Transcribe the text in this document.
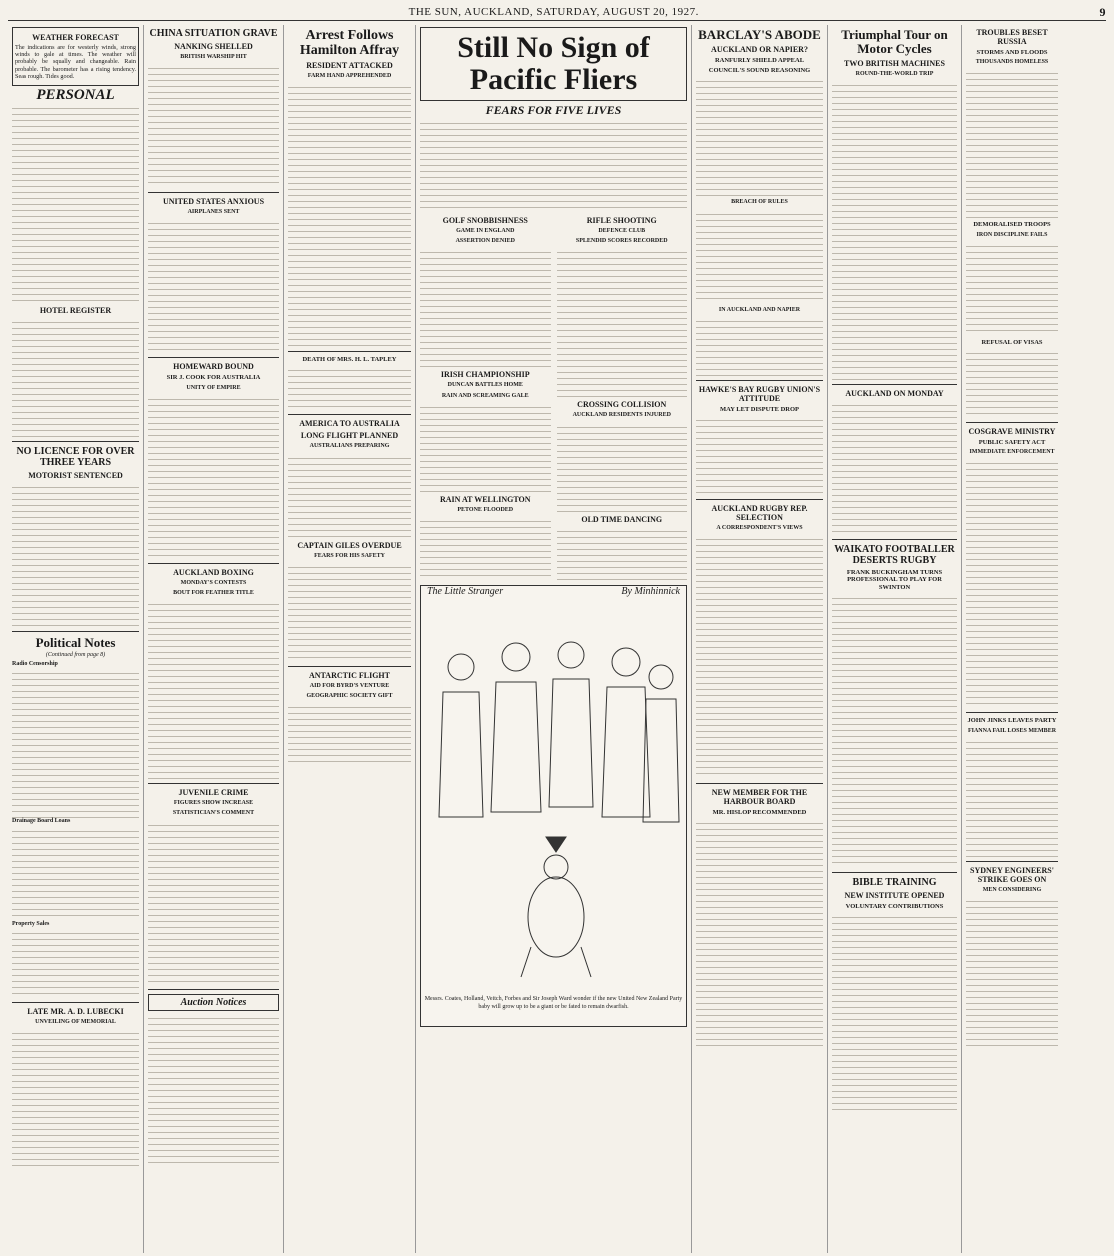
THE SUN, AUCKLAND, SATURDAY, AUGUST 20, 1927.	9
WEATHER FORECAST
The indications are for westerly winds, strong winds to gale at times. The weather will probably be squally and changeable. Rain probable. The barometer has a rising tendency. Seas rough. Tides good.
PERSONAL
HOTEL REGISTER
NO LICENCE FOR OVER THREE YEARS
MOTORIST SENTENCED
Political Notes
(Continued from page 8)
Radio Censorship
Drainage Board Loans
Property Sales
LATE MR. A. D. LUBECKI
UNVEILING OF MEMORIAL
CHINA SITUATION GRAVE
NANKING SHELLED
BRITISH WARSHIP HIT
UNITED STATES ANXIOUS
AIRPLANES SENT
HOMEWARD BOUND
SIR J. COOK FOR AUSTRALIA
UNITY OF EMPIRE
AUCKLAND BOXING
MONDAY'S CONTESTS
BOUT FOR FEATHER TITLE
JUVENILE CRIME
FIGURES SHOW INCREASE
STATISTICIAN'S COMMENT
Auction Notices
Arrest Follows Hamilton Affray
RESIDENT ATTACKED
FARM HAND APPREHENDED
DEATH OF MRS. H. L. TAPLEY
AMERICA TO AUSTRALIA
LONG FLIGHT PLANNED
AUSTRALIANS PREPARING
CAPTAIN GILES OVERDUE
FEARS FOR HIS SAFETY
ANTARCTIC FLIGHT
AID FOR BYRD'S VENTURE
GEOGRAPHIC SOCIETY GIFT
Still No Sign of Pacific Fliers
FEARS FOR FIVE LIVES
GOLF SNOBBISHNESS
GAME IN ENGLAND
ASSERTION DENIED
IRISH CHAMPIONSHIP
DUNCAN BATTLES HOME
RAIN AND SCREAMING GALE
RAIN AT WELLINGTON
PETONE FLOODED
RIFLE SHOOTING
DEFENCE CLUB
SPLENDID SCORES RECORDED
CROSSING COLLISION
AUCKLAND RESIDENTS INJURED
OLD TIME DANCING
The Little Stranger	By Minhinnick
Messrs. Coates, Holland, Veitch, Forbes and Sir Joseph Ward wonder if the new United New Zealand Party baby will grow up to be a giant or be fated to remain dwarfish.
BARCLAY'S ABODE
AUCKLAND OR NAPIER?
RANFURLY SHIELD APPEAL
COUNCIL'S SOUND REASONING
BREACH OF RULES
IN AUCKLAND AND NAPIER
HAWKE'S BAY RUGBY UNION'S ATTITUDE
MAY LET DISPUTE DROP
AUCKLAND RUGBY REP. SELECTION
A CORRESPONDENT'S VIEWS
NEW MEMBER FOR THE HARBOUR BOARD
MR. HISLOP RECOMMENDED
Triumphal Tour on Motor Cycles
TWO BRITISH MACHINES
ROUND-THE-WORLD TRIP
AUCKLAND ON MONDAY
WAIKATO FOOTBALLER DESERTS RUGBY
FRANK BUCKINGHAM TURNS PROFESSIONAL TO PLAY FOR SWINTON
BIBLE TRAINING
NEW INSTITUTE OPENED
VOLUNTARY CONTRIBUTIONS
TROUBLES BESET RUSSIA
STORMS AND FLOODS
THOUSANDS HOMELESS
DEMORALISED TROOPS
IRON DISCIPLINE FAILS
REFUSAL OF VISAS
COSGRAVE MINISTRY
PUBLIC SAFETY ACT
IMMEDIATE ENFORCEMENT
JOHN JINKS LEAVES PARTY
FIANNA FAIL LOSES MEMBER
SYDNEY ENGINEERS' STRIKE GOES ON
MEN CONSIDERING
